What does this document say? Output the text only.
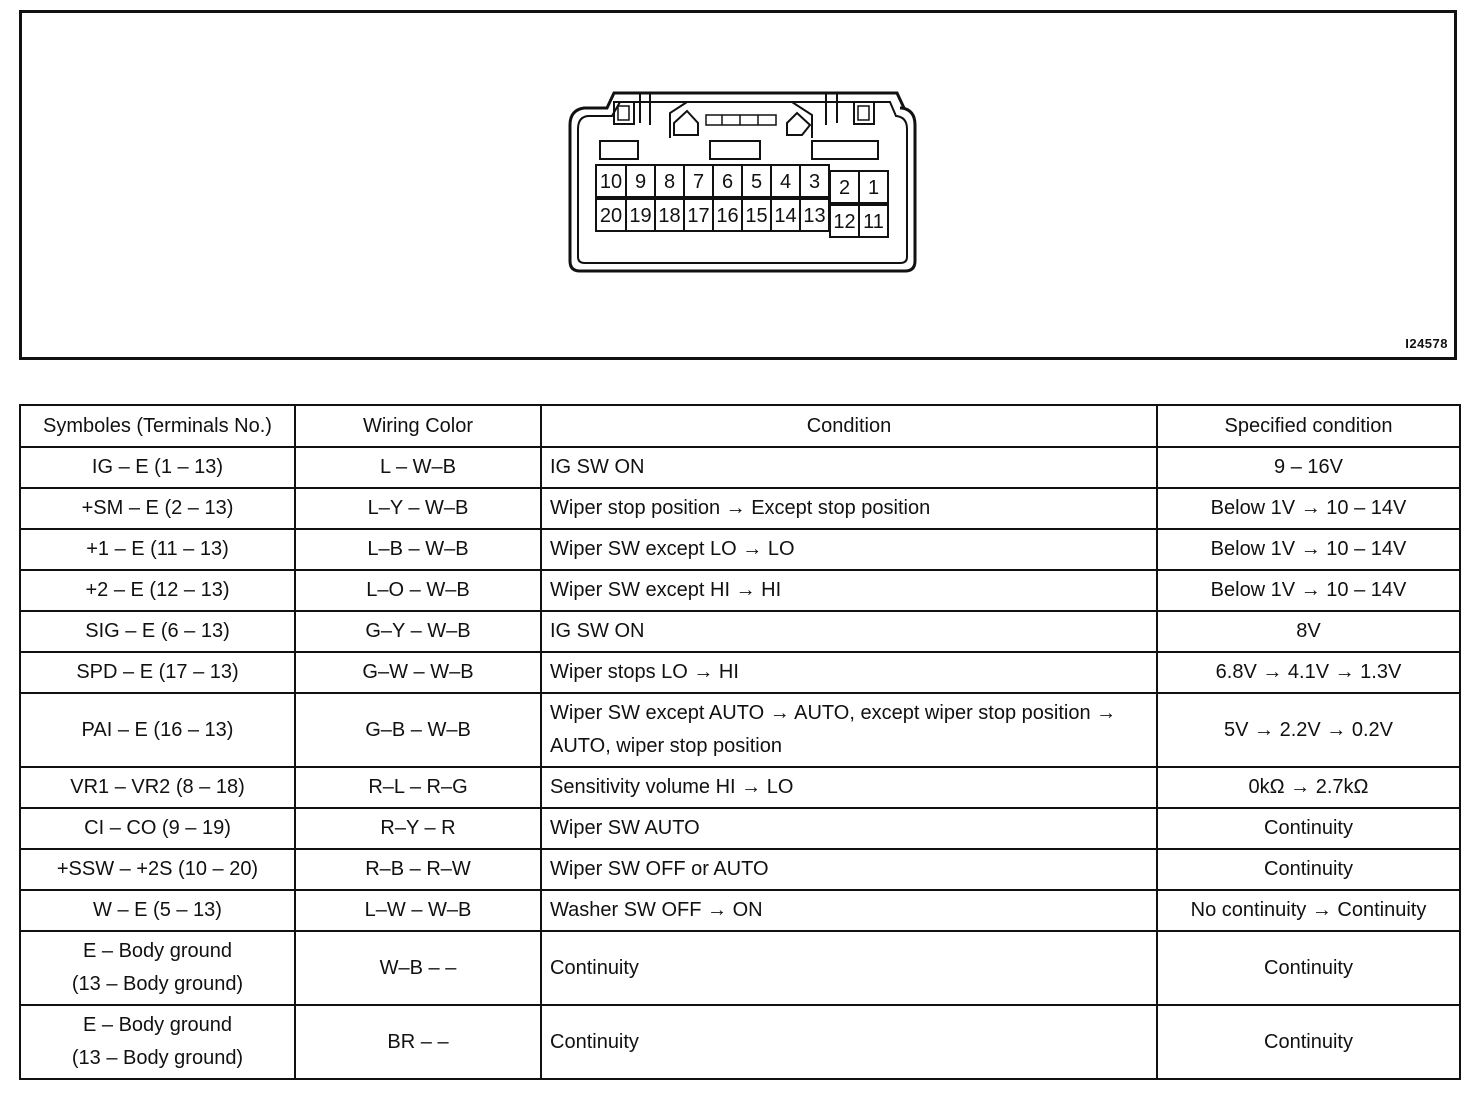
10
20
9
19
8
18
7
17
6
16
5
15
4
14
3
13
2
12
1
11
I24578
Symboles (Terminals No.)	Wiring Color	Condition	Specified condition
IG – E (1 – 13)	L – W–B	IG SW ON	9 – 16V
+SM – E (2 – 13)	L–Y – W–B	Wiper stop position → Except stop position	Below 1V → 10 – 14V
+1 – E (11 – 13)	L–B – W–B	Wiper SW except LO → LO	Below 1V → 10 – 14V
+2 – E (12 – 13)	L–O – W–B	Wiper SW except HI → HI	Below 1V → 10 – 14V
SIG – E (6 – 13)	G–Y – W–B	IG SW ON	8V
SPD – E (17 – 13)	G–W – W–B	Wiper stops LO → HI	6.8V → 4.1V → 1.3V
PAI – E (16 – 13)	G–B – W–B	Wiper SW except AUTO → AUTO, except wiper stop position → AUTO, wiper stop position	5V → 2.2V → 0.2V
VR1 – VR2 (8 – 18)	R–L – R–G	Sensitivity volume HI → LO	0kΩ → 2.7kΩ
CI – CO (9 – 19)	R–Y – R	Wiper SW AUTO	Continuity
+SSW – +2S (10 – 20)	R–B – R–W	Wiper SW OFF or AUTO	Continuity
W – E (5 – 13)	L–W – W–B	Washer SW OFF → ON	No continuity → Continuity

E – Body ground
(13 – Body ground)	W–B – –	Continuity	Continuity

E – Body ground
(13 – Body ground)	BR – –	Continuity	Continuity
